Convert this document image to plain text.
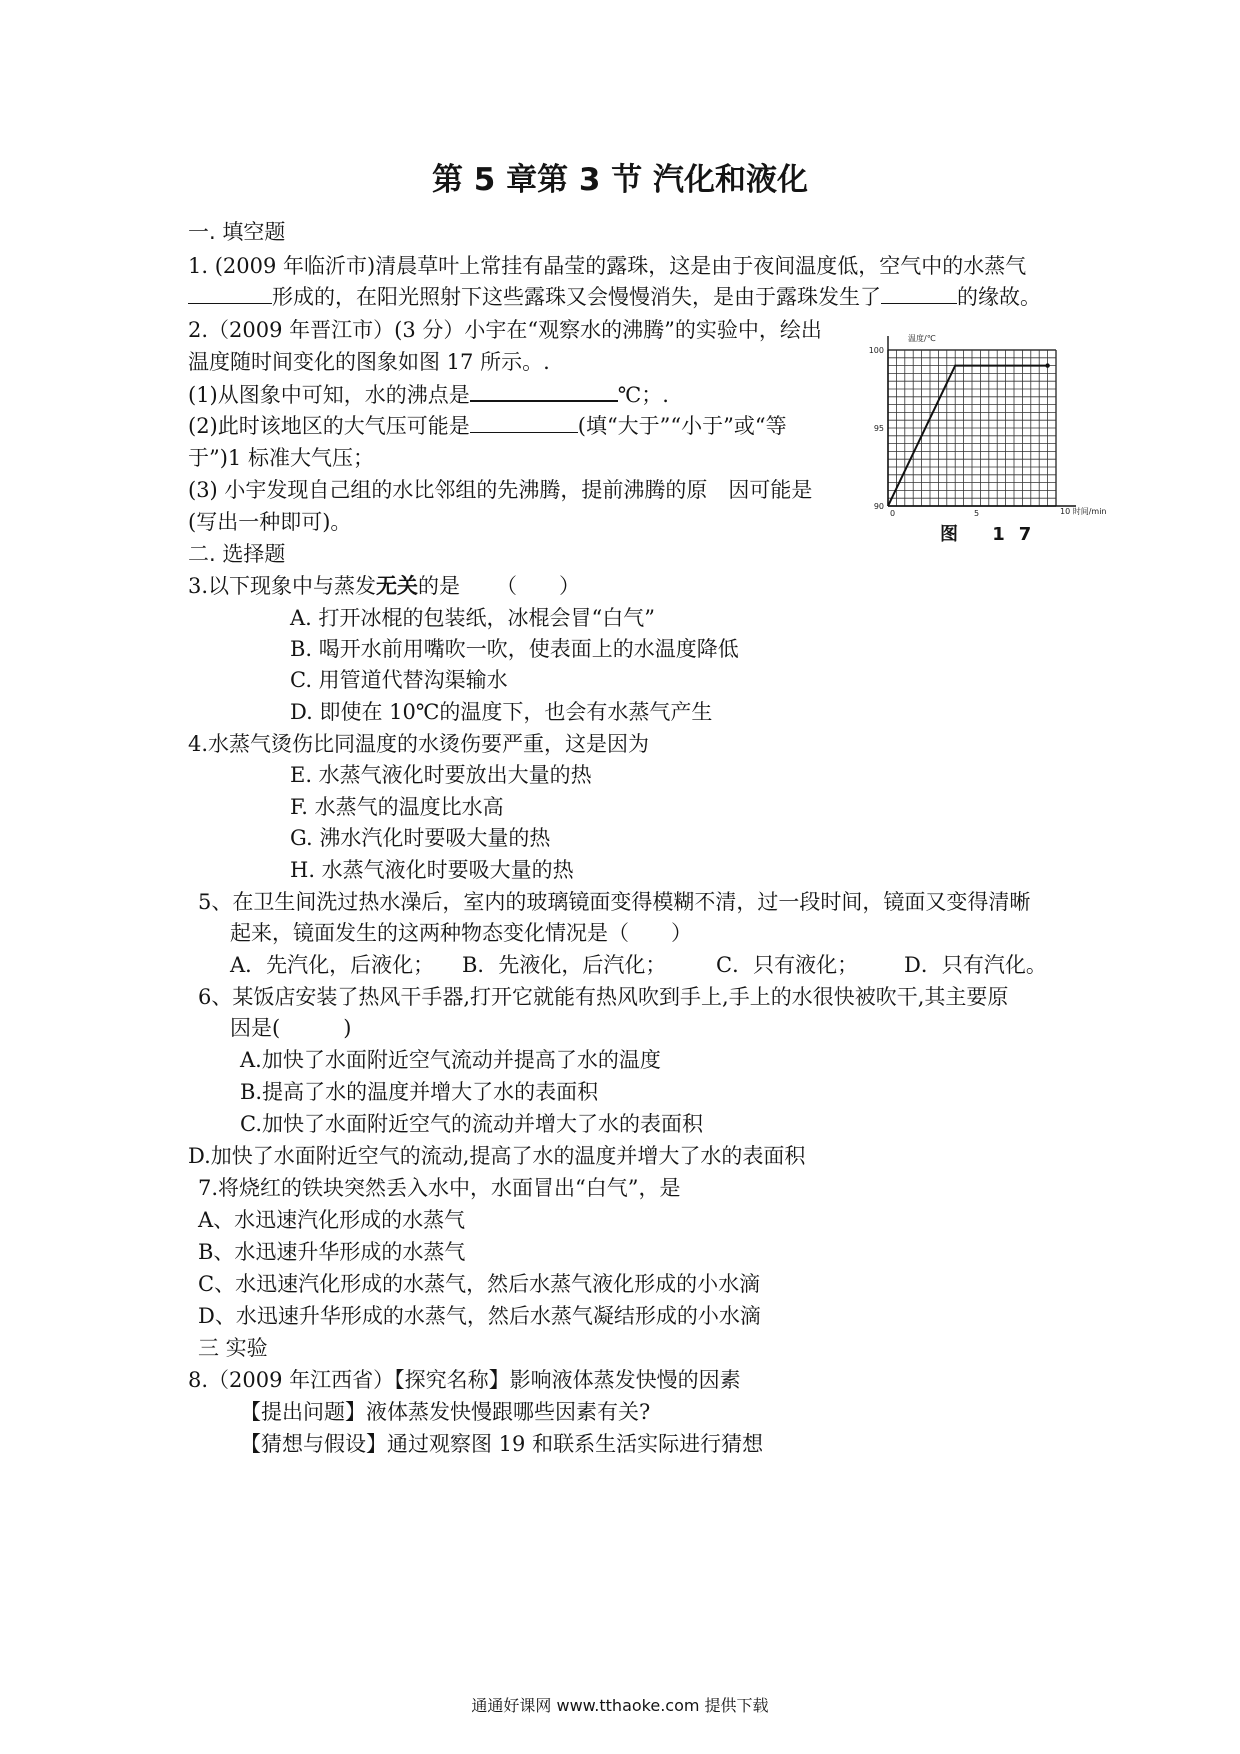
第 5 章第 3 节 汽化和液化
一. 填空题
1. (2009 年临沂市)清晨草叶上常挂有晶莹的露珠，这是由于夜间温度低，空气中的水蒸气
形成的，在阳光照射下这些露珠又会慢慢消失，是由于露珠发生了	的缘故。
2.（2009 年晋江市）(3 分）小宇在“观察水的沸腾”的实验中，绘出
温度随时间变化的图象如图 17 所示。.
(1)从图象中可知，水的沸点是	℃；.
(2)此时该地区的大气压可能是	(填“大于”“小于”或“等
于”)1 标准大气压；
(3) 小宇发现自己组的水比邻组的先沸腾，提前沸腾的原　因可能是
(写出一种即可)。
温度/℃
10 时间/min
90
95
100
0	5
图 17
二. 选择题
3.以下现象中与蒸发无关的是 （　　）
A. 打开冰棍的包装纸，冰棍会冒“白气”
B. 喝开水前用嘴吹一吹，使表面上的水温度降低
C. 用管道代替沟渠输水
D. 即使在 10℃的温度下，也会有水蒸气产生
4.水蒸气烫伤比同温度的水烫伤要严重，这是因为
E. 水蒸气液化时要放出大量的热
F. 水蒸气的温度比水高
G. 沸水汽化时要吸大量的热
H. 水蒸气液化时要吸大量的热
5、在卫生间洗过热水澡后，室内的玻璃镜面变得模糊不清，过一段时间，镜面又变得清晰
起来，镜面发生的这两种物态变化情况是（　　）
A．先汽化，后液化； B．先液化，后汽化； C．只有液化； D．只有汽化。
6、某饭店安装了热风干手器,打开它就能有热风吹到手上,手上的水很快被吹干,其主要原
因是(　　　)
A.加快了水面附近空气流动并提高了水的温度
B.提高了水的温度并增大了水的表面积
C.加快了水面附近空气的流动并增大了水的表面积
D.加快了水面附近空气的流动,提高了水的温度并增大了水的表面积
7.将烧红的铁块突然丢入水中，水面冒出“白气”，是
A、水迅速汽化形成的水蒸气
B、水迅速升华形成的水蒸气
C、水迅速汽化形成的水蒸气，然后水蒸气液化形成的小水滴
D、水迅速升华形成的水蒸气，然后水蒸气凝结形成的小水滴
三 实验
8.（2009 年江西省）【探究名称】影响液体蒸发快慢的因素
【提出问题】液体蒸发快慢跟哪些因素有关?
【猜想与假设】通过观察图 19 和联系生活实际进行猜想
通通好课网 www.tthaoke.com 提供下载
